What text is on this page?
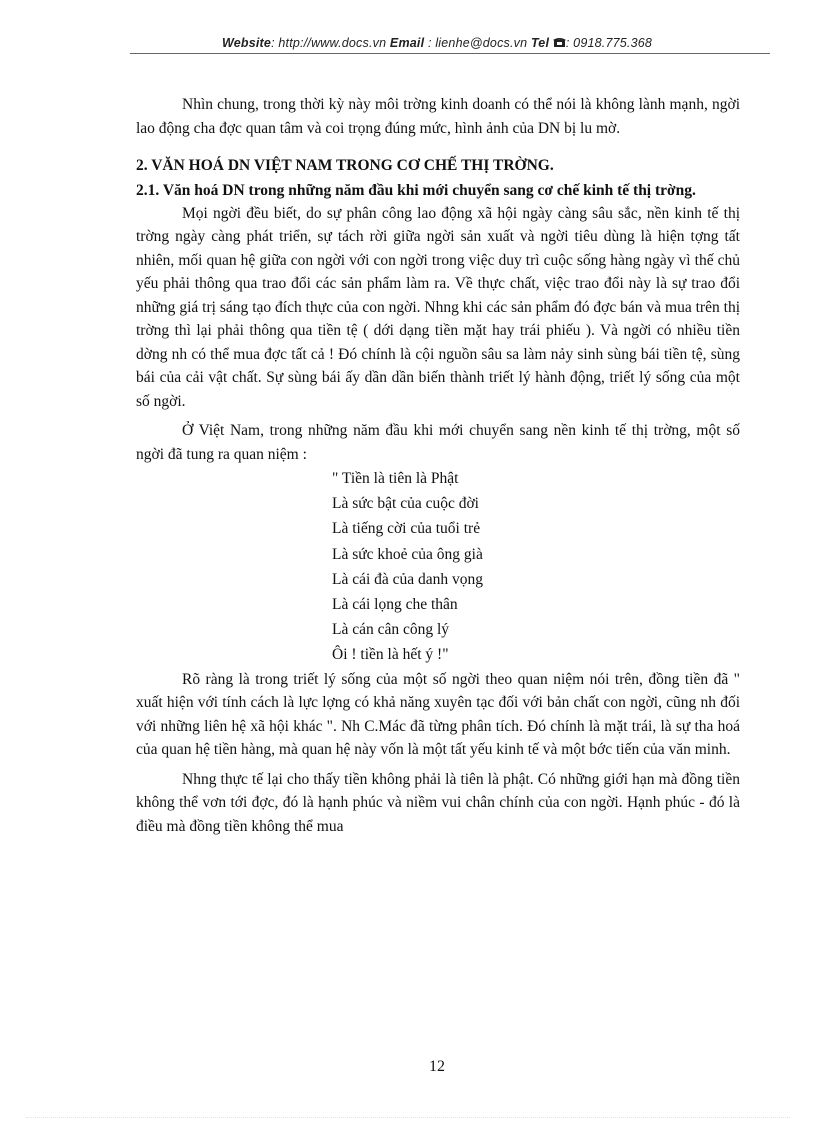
Website: http://www.docs.vn Email : lienhe@docs.vn Tel : 0918.775.368

Nhìn chung, trong thời kỳ này môi trờng kinh doanh có thể nói là không lành mạnh, ngời lao động cha đợc quan tâm và coi trọng đúng mức, hình ảnh của DN bị lu mờ.

2. VĂN HOÁ DN VIỆT NAM TRONG CƠ CHẾ THỊ TRỜNG.

2.1. Văn hoá DN trong những năm đầu khi mới chuyển sang cơ chế kinh tế thị trờng.

Mọi ngời đều biết, do sự phân công lao động xã hội ngày càng sâu sắc, nền kinh tế thị trờng ngày càng phát triển, sự tách rời giữa ngời sản xuất và ngời tiêu dùng là hiện tợng tất nhiên, mối quan hệ giữa con ngời với con ngời trong việc duy trì cuộc sống hàng ngày vì thế chủ yếu phải thông qua trao đổi các sản phẩm làm ra. Về thực chất, việc trao đổi này là sự trao đổi những giá trị sáng tạo đích thực của con ngời. Nhng khi các sản phẩm đó đợc bán và mua trên thị trờng thì lại phải thông qua tiền tệ ( dới dạng tiền mặt hay trái phiếu ). Và ngời có nhiều tiền dờng nh có thể mua đợc tất cả ! Đó chính là cội nguồn sâu sa làm nảy sinh sùng bái tiền tệ, sùng bái của cải vật chất. Sự sùng bái ấy dần dần biến thành triết lý hành động, triết lý sống của một số ngời.

Ở Việt Nam, trong những năm đầu khi mới chuyển sang nền kinh tế thị trờng, một số ngời đã tung ra quan niệm :

" Tiền là tiên là Phật
Là sức bật của cuộc đời
Là tiếng cời của tuổi trẻ
Là sức khoẻ của ông già
Là cái đà của danh vọng
Là cái lọng che thân
Là cán cân công lý
Ôi ! tiền là hết ý !"

Rõ ràng là trong triết lý sống của một số ngời theo quan niệm nói trên, đồng tiền đã " xuất hiện với tính cách là lực lợng có khả năng xuyên tạc đối với bản chất con ngời, cũng nh đối với những liên hệ xã hội khác ". Nh C.Mác đã từng phân tích. Đó chính là mặt trái, là sự tha hoá của quan hệ tiền hàng, mà quan hệ này vốn là một tất yếu kinh tế và một bớc tiến của văn minh.

Nhng thực tế lại cho thấy tiền không phải là tiên là phật. Có những giới hạn mà đồng tiền không thể vơn tới đợc, đó là hạnh phúc và niềm vui chân chính của con ngời. Hạnh phúc - đó là điều mà đồng tiền không thể mua

12
